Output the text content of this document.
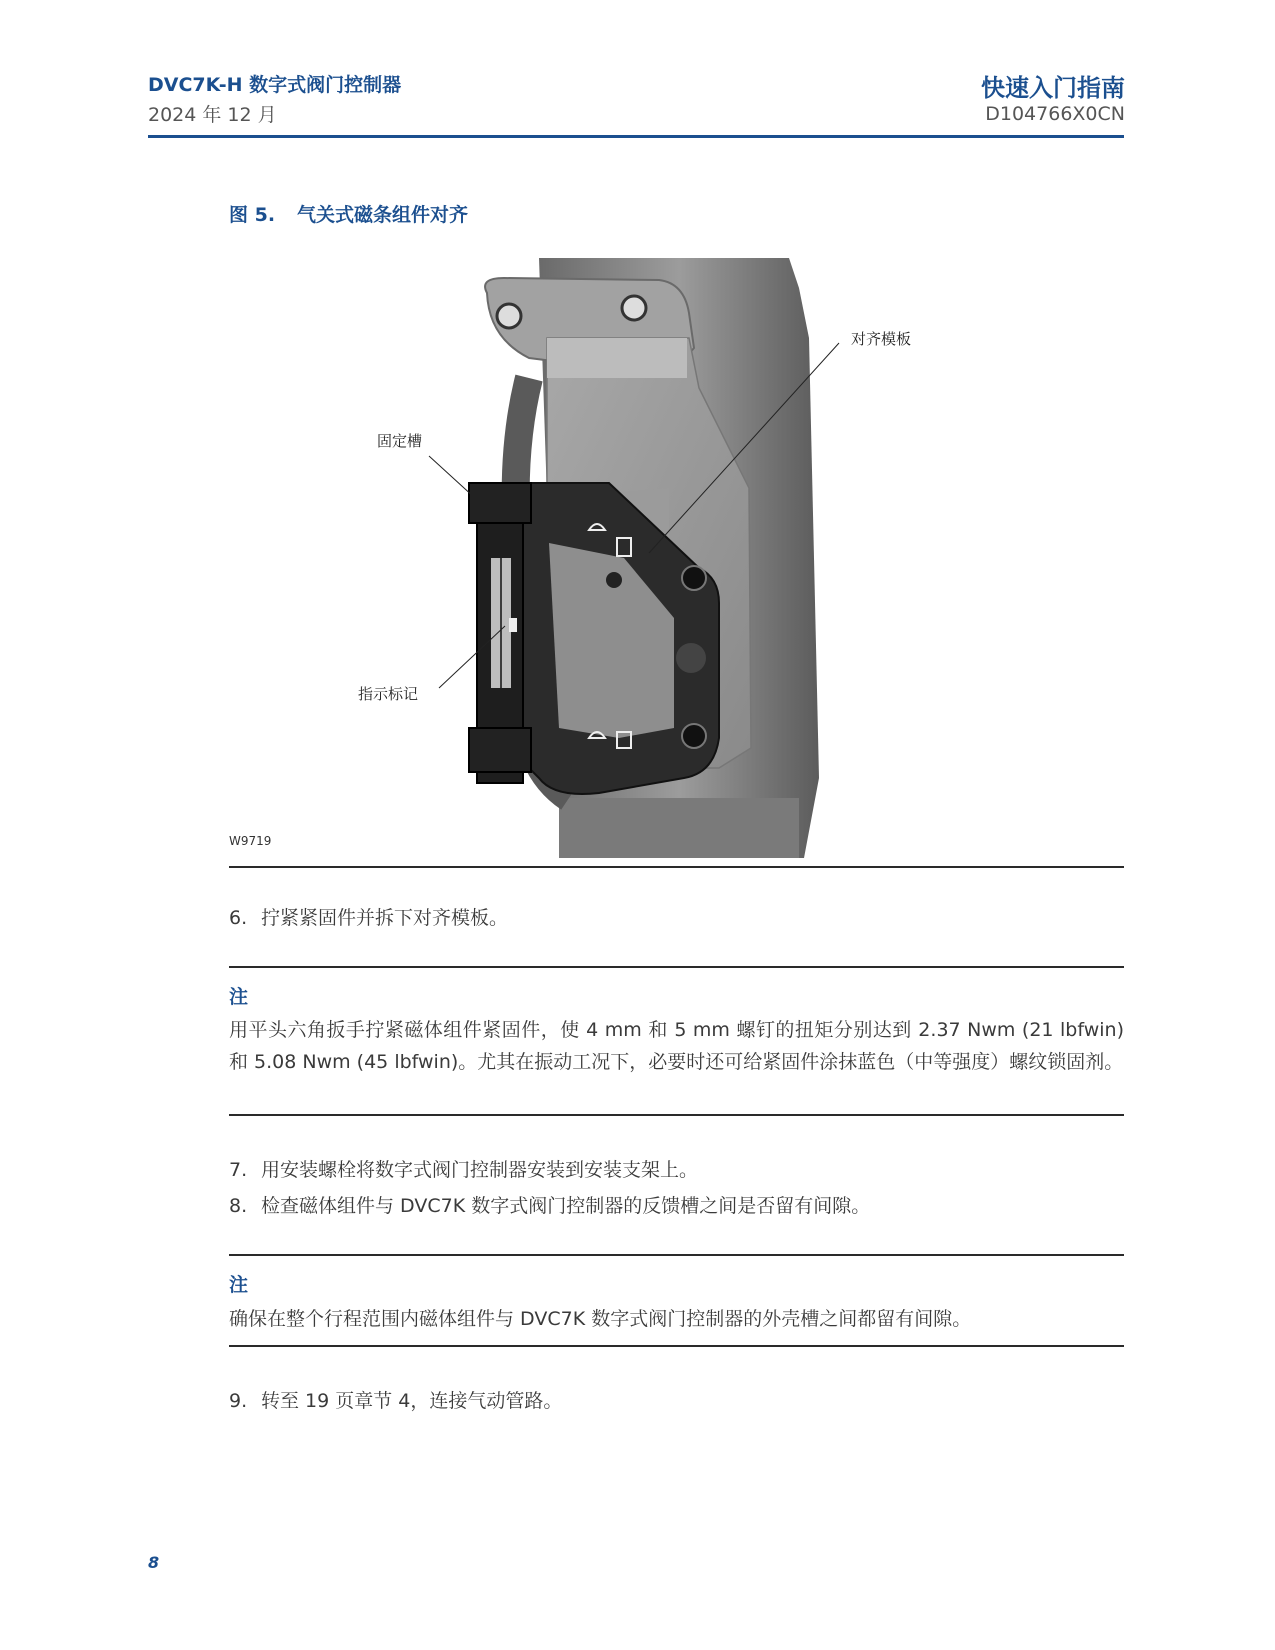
DVC7K-H 数字式阀门控制器
2024 年 12 月
快速入门指南
D104766X0CN
图 5. 气关式磁条组件对齐
对齐模板
固定槽
指示标记
W9719
6. 拧紧紧固件并拆下对齐模板。
注
用平头六角扳手拧紧磁体组件紧固件，使 4 mm 和 5 mm 螺钉的扭矩分别达到 2.37 Nwm (21 lbfwin) 和 5.08 Nwm (45 lbfwin)。尤其在振动工况下，必要时还可给紧固件涂抹蓝色（中等强度）螺纹锁固剂。
7. 用安装螺栓将数字式阀门控制器安装到安装支架上。
8. 检查磁体组件与 DVC7K 数字式阀门控制器的反馈槽之间是否留有间隙。
注
确保在整个行程范围内磁体组件与 DVC7K 数字式阀门控制器的外壳槽之间都留有间隙。
9. 转至 19 页章节 4，连接气动管路。
8
